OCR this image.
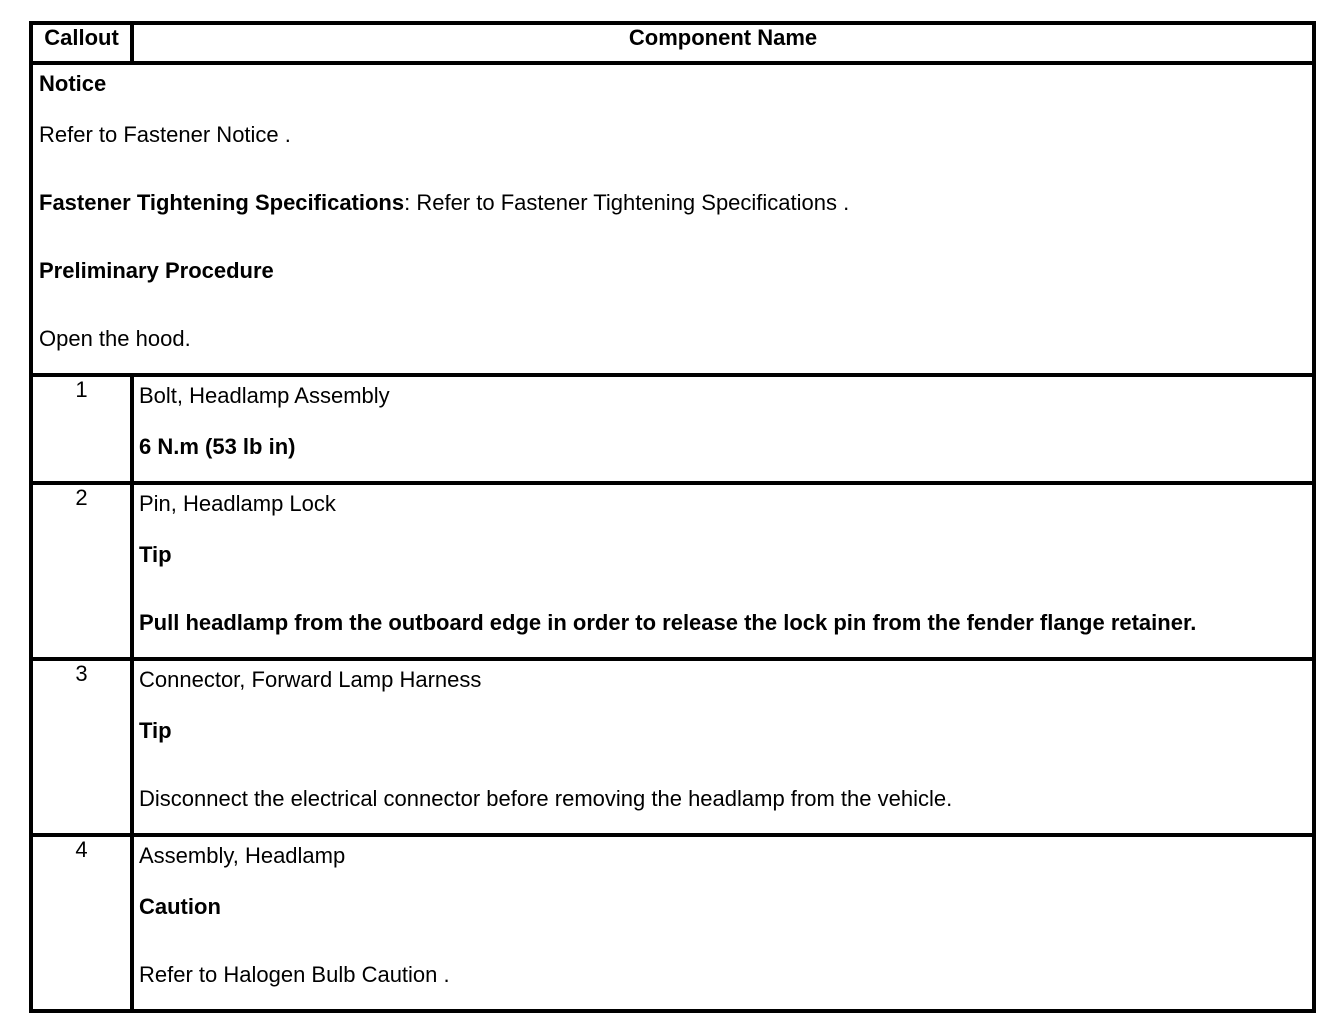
Callout	Component Name

Notice

Refer to Fastener Notice .

Fastener Tightening Specifications: Refer to Fastener Tightening Specifications .

Preliminary Procedure

Open the hood.	

1	Bolt, Headlamp Assembly

6 N.m (53 lb in)

2	Pin, Headlamp Lock

Tip

Pull headlamp from the outboard edge in order to release the lock pin from the fender flange retainer.

3	Connector, Forward Lamp Harness

Tip

Disconnect the electrical connector before removing the headlamp from the vehicle.

4	Assembly, Headlamp

Caution

Refer to Halogen Bulb Caution .
